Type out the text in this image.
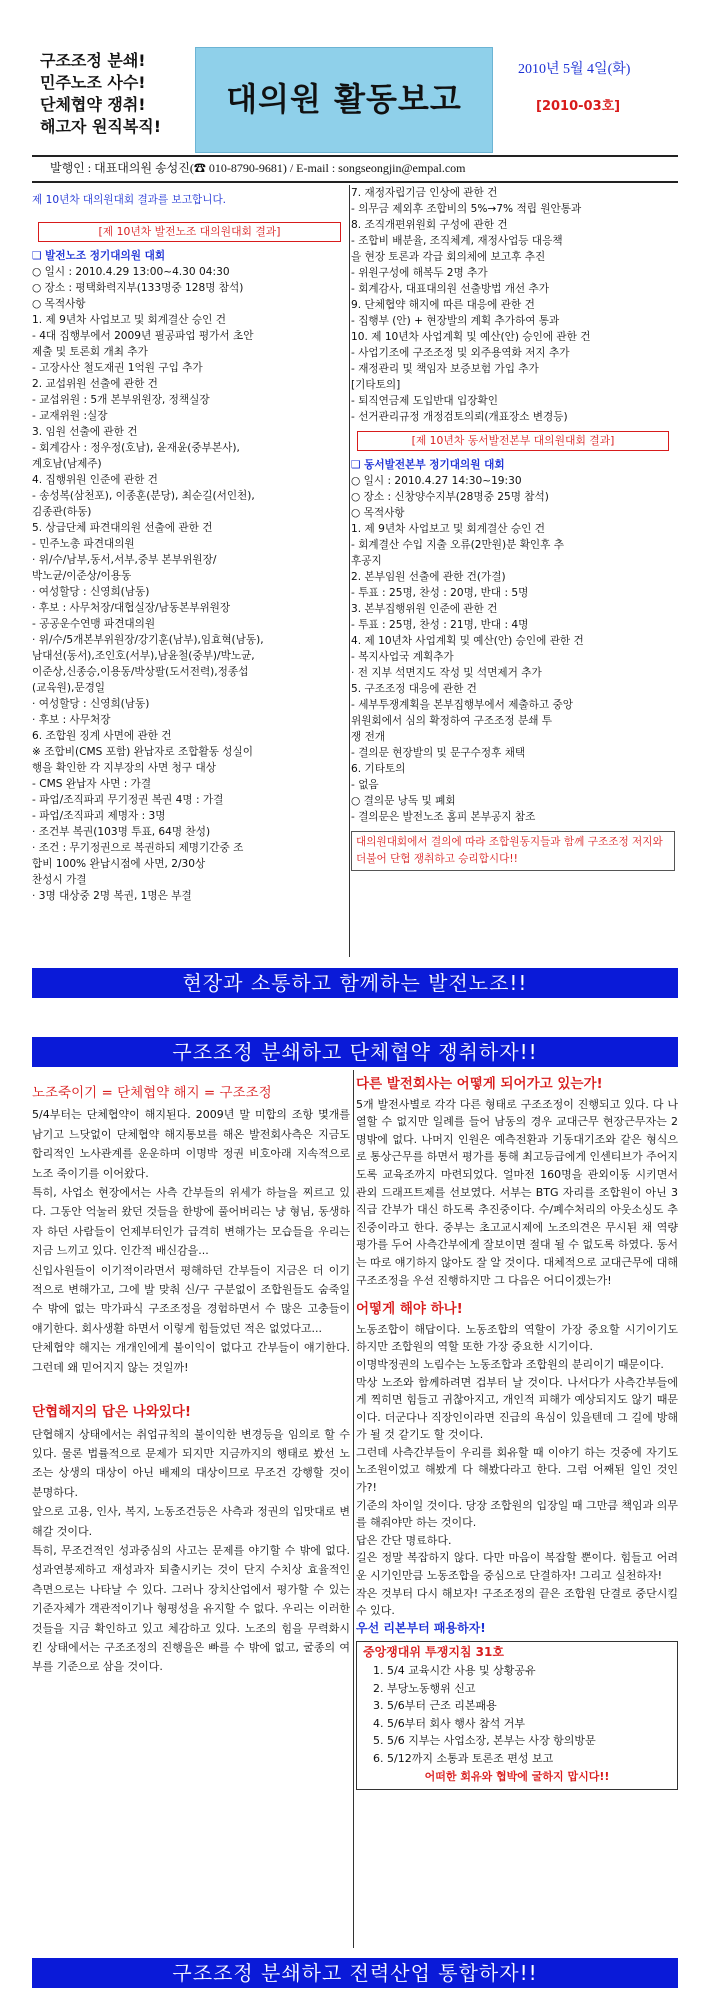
구조조정 분쇄!
민주노조 사수!
단체협약 쟁취!
해고자 원직복직!
대의원 활동보고
2010년 5월 4일(화)
[2010-03호]
발행인 : 대표대의원 송성진(☎ 010-8790-9681) / E-mail : songseongjin@empal.com
제 10년차 대의원대회 결과를 보고합니다.
[제 10년차 발전노조 대의원대회 결과]
❑ 발전노조 정기대의원 대회
○ 일시 : 2010.4.29 13:00~4.30 04:30
○ 장소 : 평택화력지부(133명중 128명 참석)
○ 목적사항
1. 제 9년차 사업보고 및 회계결산 승인 건
- 4대 집행부에서 2009년 필공파업 평가서 초안
제출 및 토론회 개최 추가
- 고장사산 철도재권 1억원 구입 추가
2. 교섭위원 선출에 관한 건
- 교섭위원 : 5개 본부위원장, 정책실장
- 교재위원 :실장
3. 임원 선출에 관한 건
- 회계감사 : 정우정(호남), 윤재윤(중부본사),
계호남(남제주)
4. 집행위원 인준에 관한 건
- 송성복(삼천포), 이종훈(분당), 최순길(서인천),
김종관(하동)
5. 상급단체 파견대의원 선출에 관한 건
- 민주노총 파견대의원
· 위/수/남부,동서,서부,중부 본부위원장/
박노균/이준상/이용동
· 여성할당 : 신영희(남동)
· 후보 : 사무처장/대협실장/남동본부위원장
- 공공운수연맹 파견대의원
· 위/수/5개본부위원장/강기훈(남부),임효혁(남동),
남대선(동서),조인호(서부),남윤철(중부)/박노균,
이준상,신종승,이용동/박상팔(도서전력),정종섭
(교육원),문경일
· 여성할당 : 신영희(남동)
· 후보 : 사무처장
6. 조합원 징계 사면에 관한 건
※ 조합비(CMS 포함) 완납자로 조합활동 성실이
행을 확인한 각 지부장의 사면 청구 대상
- CMS 완납자 사면 : 가결
- 파업/조직파괴 무기정권 복권 4명 : 가결
- 파업/조직파괴 제명자 : 3명
· 조건부 복권(103명 투표, 64명 찬성)
· 조건 : 무기정권으로 복권하되 제명기간중 조
합비 100% 완납시점에 사면, 2/30상
찬성시 가결
· 3명 대상중 2명 복권, 1명은 부결
7. 재정자립기금 인상에 관한 건
- 의무금 제외후 조합비의 5%→7% 적립 원안통과
8. 조직개편위원회 구성에 관한 건
- 조합비 배분율, 조직체계, 재정사업등 대응책
을 현장 토론과 각급 회의체에 보고후 추진
- 위원구성에 해복두 2명 추가
- 회계감사, 대표대의원 선출방법 개선 추가
9. 단체협약 해지에 따른 대응에 관한 건
- 집행부 (안) + 현장발의 계획 추가하여 통과
10. 제 10년차 사업계획 및 예산(안) 승인에 관한 건
- 사업기조에 구조조정 및 외주용역화 저지 추가
- 재정관리 및 책임자 보증보험 가입 추가
[기타토의]
- 퇴직연금제 도입반대 입장확인
- 선거관리규정 개정검토의뢰(개표장소 변경등)
[제 10년차 동서발전본부 대의원대회 결과]
❑ 동서발전본부 정기대의원 대회
○ 일시 : 2010.4.27 14:30~19:30
○ 장소 : 신창양수지부(28명중 25명 참석)
○ 목적사항
1. 제 9년차 사업보고 및 회계결산 승인 건
- 회계결산 수입 지출 오류(2만원)분 확인후 추
후공지
2. 본부임원 선출에 관한 건(가결)
- 투표 : 25명, 찬성 : 20명, 반대 : 5명
3. 본부집행위원 인준에 관한 건
- 투표 : 25명, 찬성 : 21명, 반대 : 4명
4. 제 10년차 사업계획 및 예산(안) 승인에 관한 건
- 복지사업국 계획추가
· 전 지부 석면지도 작성 및 석면제거 추가
5. 구조조정 대응에 관한 건
- 세부투쟁계획을 본부집행부에서 제출하고 중앙
위원회에서 심의 확정하여 구조조정 분쇄 투
쟁 전개
- 결의문 현장발의 및 문구수정후 채택
6. 기타토의
- 없음
○ 결의문 낭독 및 폐회
- 결의문은 발전노조 홈피 본부공지 참조
대의원대회에서 결의에 따라 조합원동지들과 함께 구조조정 저지와 더불어 단협 쟁취하고 승리합시다!!
현장과 소통하고 함께하는 발전노조!!
구조조정 분쇄하고 단체협약 쟁취하자!!
노조죽이기 = 단체협약 해지 = 구조조정

5/4부터는 단체협약이 해지된다. 2009년 말 미합의 조항 몇개를 남기고 느닷없이 단체협약 해지통보를 해온 발전회사측은 지금도 합리적인 노사관계를 운운하며 이명박 정권 비호아래 지속적으로 노조 죽이기를 이어왔다.

특히, 사업소 현장에서는 사측 간부들의 위세가 하늘을 찌르고 있다. 그동안 억눌러 왔던 것들을 한방에 풀어버리는 냥 형님, 동생하자 하던 사람들이 언제부터인가 급격히 변해가는 모습들을 우리는 지금 느끼고 있다. 인간적 배신감을...

신입사원들이 이기적이라면서 평해하던 간부들이 지금은 더 이기적으로 변해가고, 그에 발 맞춰 신/구 구분없이 조합원들도 숨죽일 수 밖에 없는 막가파식 구조조정을 경험하면서 수 많은 고충들이 얘기한다. 회사생활 하면서 이렇게 힘들었던 적은 없었다고...

단체협약 해지는 개개인에게 불이익이 없다고 간부들이 얘기한다. 그런데 왜 믿어지지 않는 것일까!

단협해지의 답은 나와있다!

단협해지 상태에서는 취업규칙의 불이익한 변경등을 임의로 할 수 있다. 물론 법률적으로 문제가 되지만 지금까지의 행태로 봤선 노조는 상생의 대상이 아닌 배제의 대상이므로 무조건 강행할 것이 분명하다.

앞으로 고용, 인사, 복지, 노동조건등은 사측과 정권의 입맛대로 변해갈 것이다.

특히, 무조건적인 성과중심의 사고는 문제를 야기할 수 밖에 없다. 성과연봉제하고 재성과자 퇴출시키는 것이 단지 수치상 효율적인 측면으로는 나타날 수 있다. 그러나 장치산업에서 평가할 수 있는 기준자체가 객관적이기나 형평성을 유지할 수 없다. 우리는 이러한 것들을 지금 확인하고 있고 체감하고 있다. 노조의 힘을 무력화시킨 상태에서는 구조조정의 진행을은 빠를 수 밖에 없고, 굴종의 여부를 기준으로 삼을 것이다.

다른 발전회사는 어떻게 되어가고 있는가!

5개 발전사별로 각각 다른 형태로 구조조정이 진행되고 있다. 다 나열할 수 없지만 일례를 들어 남동의 경우 교대근무 현장근무자는 2명밖에 없다. 나머지 인원은 예측전환과 기동대기조와 같은 형식으로 통상근무를 하면서 평가를 통해 최고등급에게 인센티브가 주어지도록 교육조까지 마련되었다. 얼마전 160명을 관외이동 시키면서 관외 드래프트제를 선보였다. 서부는 BTG 자리를 조합원이 아닌 3직급 간부가 대신 하도록 추진중이다. 수/폐수처리의 아웃소싱도 추진중이라고 한다. 중부는 초고교시제에 노조의견은 무시된 채 역량평가를 두어 사측간부에게 잘보이면 절대 될 수 없도록 하였다. 동서는 따로 얘기하지 않아도 잘 알 것이다. 대체적으로 교대근무에 대해 구조조정을 우선 진행하지만 그 다음은 어디이겠는가!

어떻게 해야 하나!

노동조합이 해답이다. 노동조합의 역할이 가장 중요할 시기이기도 하지만 조합원의 역할 또한 가장 중요한 시기이다.

이명박정권의 노림수는 노동조합과 조합원의 분리이기 때문이다.

막상 노조와 함께하려면 겁부터 날 것이다. 나서다가 사측간부들에게 찍히면 힘들고 귀찮아지고, 개인적 피해가 예상되지도 않기 때문이다. 더군다나 직장인이라면 진급의 욕심이 있을텐데 그 길에 방해가 될 것 같기도 할 것이다.

그런데 사측간부들이 우리를 회유할 때 이야기 하는 것중에 자기도 노조원이었고 해봤게 다 해봤다라고 한다. 그럼 어째된 일인 것인가?!

기준의 차이일 것이다. 당장 조합원의 입장일 때 그만큼 책임과 의무를 해줘야만 하는 것이다.

답은 간단 명료하다.

길은 정말 복잡하지 않다. 다만 마음이 복잡할 뿐이다. 힘들고 어려운 시기인만큼 노동조합을 중심으로 단결하자! 그리고 실천하자!

작은 것부터 다시 해보자! 구조조정의 끝은 조합원 단결로 중단시킬 수 있다.

우선 리본부터 패용하자!

중앙쟁대위 투쟁지침 31호
1. 5/4 교육시간 사용 및 상황공유
2. 부당노동행위 신고
3. 5/6부터 근조 리본패용
4. 5/6부터 회사 행사 참석 거부
5. 5/6 지부는 사업소장, 본부는 사장 항의방문
6. 5/12까지 소통과 토론조 편성 보고
어떠한 회유와 협박에 굴하지 맙시다!!
구조조정 분쇄하고 전력산업 통합하자!!
